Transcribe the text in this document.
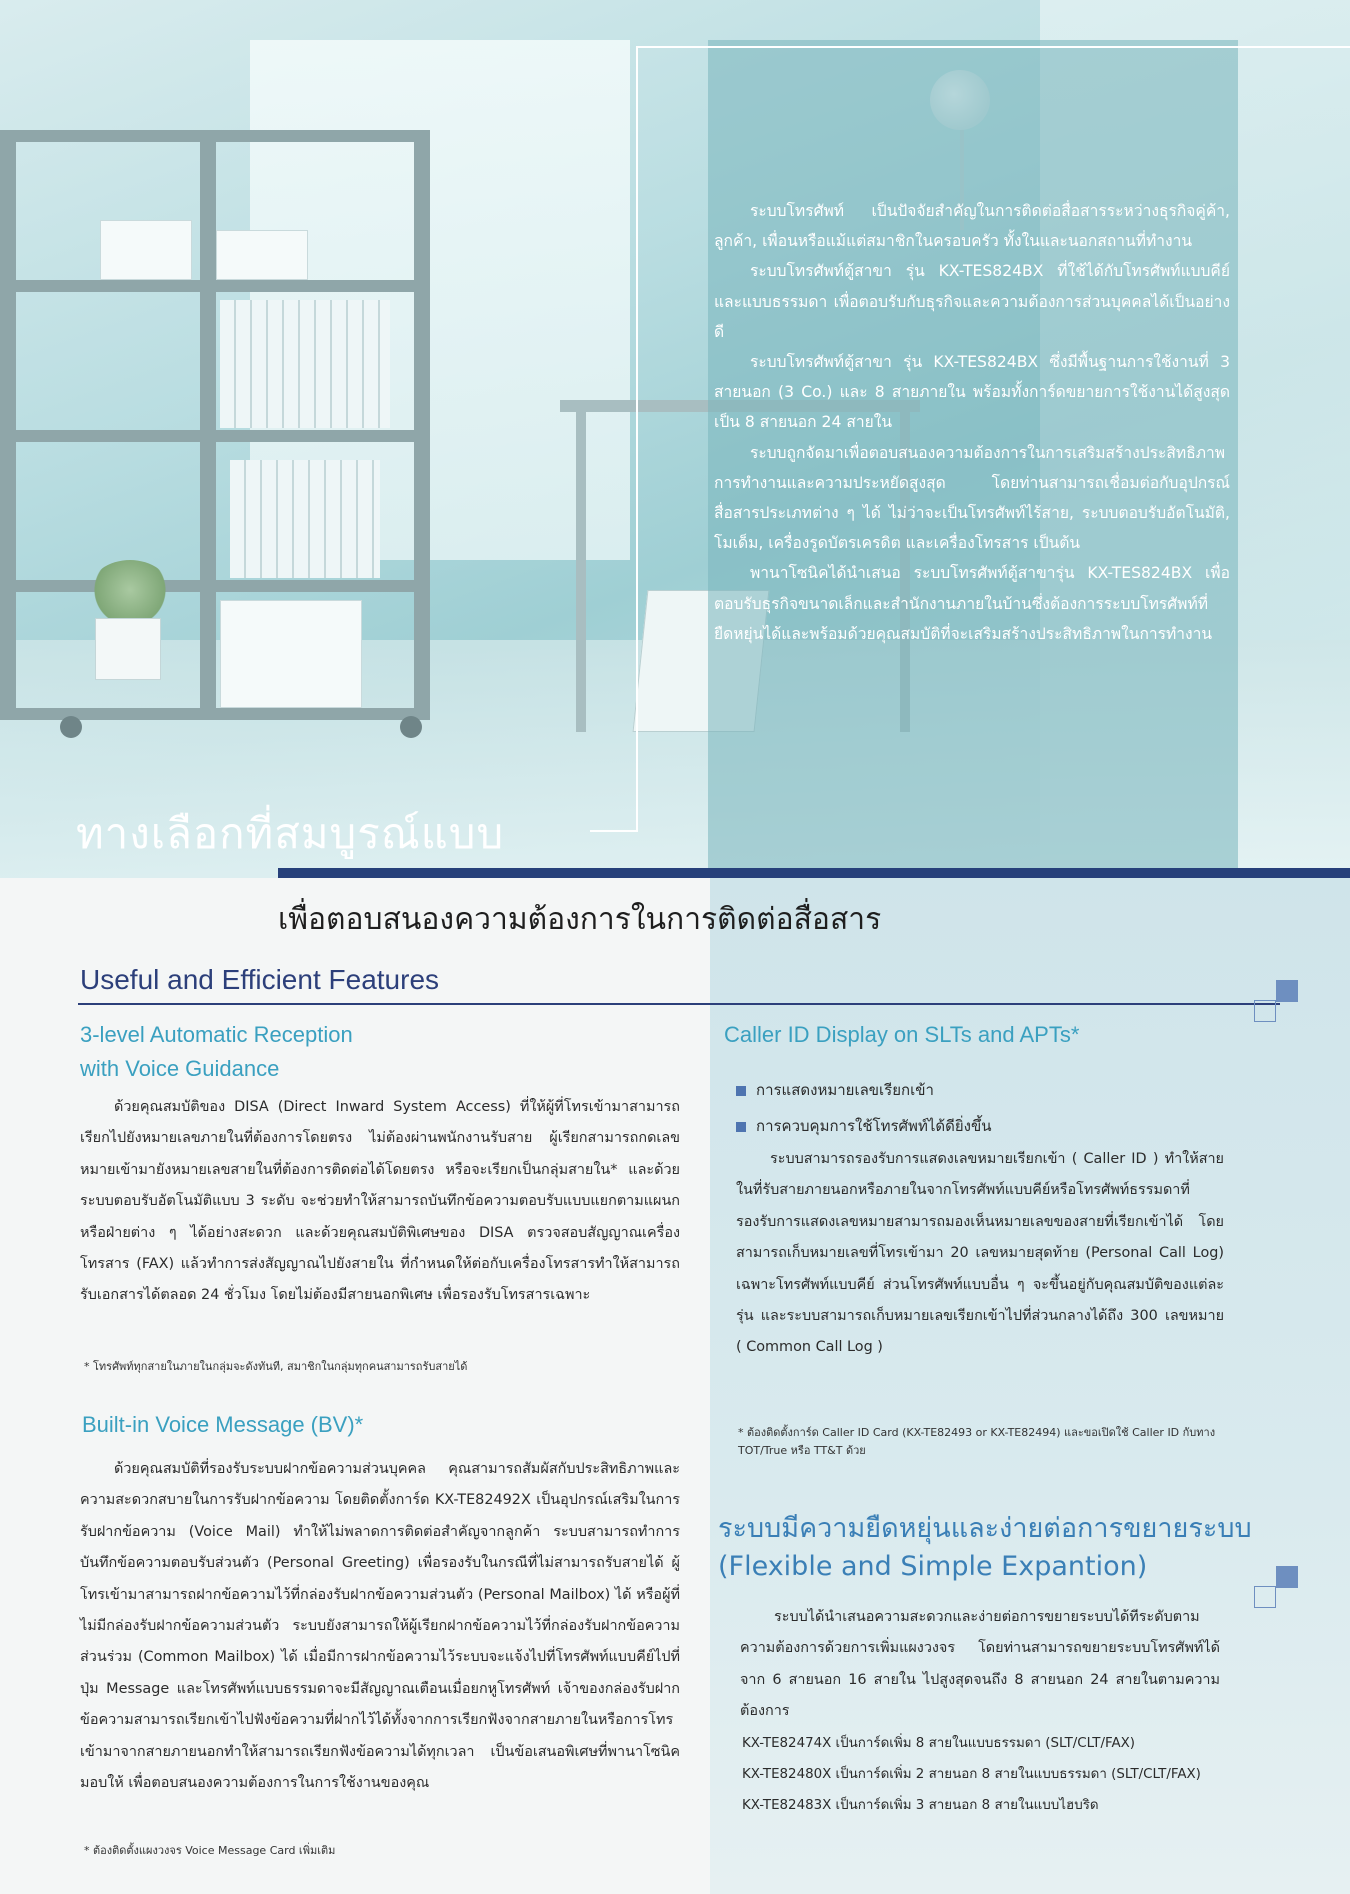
ระบบโทรศัพท์ เป็นปัจจัยสำคัญในการติดต่อสื่อสารระหว่างธุรกิจคู่ค้า, ลูกค้า, เพื่อนหรือแม้แต่สมาชิกในครอบครัว ทั้งในและนอกสถานที่ทำงาน

ระบบโทรศัพท์ตู้สาขา รุ่น KX-TES824BX ที่ใช้ได้กับโทรศัพท์แบบคีย์และแบบธรรมดา เพื่อตอบรับกับธุรกิจและความต้องการส่วนบุคคลได้เป็นอย่างดี

ระบบโทรศัพท์ตู้สาขา รุ่น KX-TES824BX ซึ่งมีพื้นฐานการใช้งานที่ 3 สายนอก (3 Co.) และ 8 สายภายใน พร้อมทั้งการ์ดขยายการใช้งานได้สูงสุดเป็น 8 สายนอก 24 สายใน

ระบบถูกจัดมาเพื่อตอบสนองความต้องการในการเสริมสร้างประสิทธิภาพการทำงานและความประหยัดสูงสุด โดยท่านสามารถเชื่อมต่อกับอุปกรณ์สื่อสารประเภทต่าง ๆ ได้ ไม่ว่าจะเป็นโทรศัพท์ไร้สาย, ระบบตอบรับอัตโนมัติ, โมเด็ม, เครื่องรูดบัตรเครดิต และเครื่องโทรสาร เป็นต้น

พานาโซนิคได้นำเสนอ ระบบโทรศัพท์ตู้สาขารุ่น KX-TES824BX เพื่อตอบรับธุรกิจขนาดเล็กและสำนักงานภายในบ้านซึ่งต้องการระบบโทรศัพท์ที่ยืดหยุ่นได้และพร้อมด้วยคุณสมบัติที่จะเสริมสร้างประสิทธิภาพในการทำงาน

ทางเลือกที่สมบูรณ์แบบ
เพื่อตอบสนองความต้องการในการติดต่อสื่อสาร
Useful and Efficient Features
3-level Automatic Reception
with Voice Guidance

ด้วยคุณสมบัติของ DISA (Direct Inward System Access) ที่ให้ผู้ที่โทรเข้ามาสามารถเรียกไปยังหมายเลขภายในที่ต้องการโดยตรง ไม่ต้องผ่านพนักงานรับสาย ผู้เรียกสามารถกดเลขหมายเข้ามายังหมายเลขสายในที่ต้องการติดต่อได้โดยตรง หรือจะเรียกเป็นกลุ่มสายใน* และด้วยระบบตอบรับอัตโนมัติแบบ 3 ระดับ จะช่วยทำให้สามารถบันทึกข้อความตอบรับแบบแยกตามแผนกหรือฝ่ายต่าง ๆ ได้อย่างสะดวก และด้วยคุณสมบัติพิเศษของ DISA ตรวจสอบสัญญาณเครื่องโทรสาร (FAX) แล้วทำการส่งสัญญาณไปยังสายใน ที่กำหนดให้ต่อกับเครื่องโทรสารทำให้สามารถรับเอกสารได้ตลอด 24 ชั่วโมง โดยไม่ต้องมีสายนอกพิเศษ เพื่อรองรับโทรสารเฉพาะ

* โทรศัพท์ทุกสายในภายในกลุ่มจะดังทันที, สมาชิกในกลุ่มทุกคนสามารถรับสายได้
Built-in Voice Message (BV)*

ด้วยคุณสมบัติที่รองรับระบบฝากข้อความส่วนบุคคล คุณสามารถสัมผัสกับประสิทธิภาพและความสะดวกสบายในการรับฝากข้อความ โดยติดตั้งการ์ด KX-TE82492X เป็นอุปกรณ์เสริมในการรับฝากข้อความ (Voice Mail) ทำให้ไม่พลาดการติดต่อสำคัญจากลูกค้า ระบบสามารถทำการบันทึกข้อความตอบรับส่วนตัว (Personal Greeting) เพื่อรองรับในกรณีที่ไม่สามารถรับสายได้ ผู้โทรเข้ามาสามารถฝากข้อความไว้ที่กล่องรับฝากข้อความส่วนตัว (Personal Mailbox) ได้ หรือผู้ที่ไม่มีกล่องรับฝากข้อความส่วนตัว ระบบยังสามารถให้ผู้เรียกฝากข้อความไว้ที่กล่องรับฝากข้อความส่วนร่วม (Common Mailbox) ได้ เมื่อมีการฝากข้อความไว้ระบบจะแจ้งไปที่โทรศัพท์แบบคีย์ไปที่ปุ่ม Message และโทรศัพท์แบบธรรมดาจะมีสัญญาณเตือนเมื่อยกหูโทรศัพท์ เจ้าของกล่องรับฝากข้อความสามารถเรียกเข้าไปฟังข้อความที่ฝากไว้ได้ทั้งจากการเรียกฟังจากสายภายในหรือการโทรเข้ามาจากสายภายนอกทำให้สามารถเรียกฟังข้อความได้ทุกเวลา เป็นข้อเสนอพิเศษที่พานาโซนิคมอบให้ เพื่อตอบสนองความต้องการในการใช้งานของคุณ

* ต้องติดตั้งแผงวงจร Voice Message Card เพิ่มเติม
Caller ID Display on SLTs and APTs*
การแสดงหมายเลขเรียกเข้า
การควบคุมการใช้โทรศัพท์ได้ดียิ่งขึ้น

ระบบสามารถรองรับการแสดงเลขหมายเรียกเข้า ( Caller ID ) ทำให้สายในที่รับสายภายนอกหรือภายในจากโทรศัพท์แบบคีย์หรือโทรศัพท์ธรรมดาที่รองรับการแสดงเลขหมายสามารถมองเห็นหมายเลขของสายที่เรียกเข้าได้ โดยสามารถเก็บหมายเลขที่โทรเข้ามา 20 เลขหมายสุดท้าย (Personal Call Log) เฉพาะโทรศัพท์แบบคีย์ ส่วนโทรศัพท์แบบอื่น ๆ จะขึ้นอยู่กับคุณสมบัติของแต่ละรุ่น และระบบสามารถเก็บหมายเลขเรียกเข้าไปที่ส่วนกลางได้ถึง 300 เลขหมาย ( Common Call Log )

* ต้องติดตั้งการ์ด Caller ID Card (KX-TE82493 or KX-TE82494) และขอเปิดใช้ Caller ID กับทาง TOT/True หรือ TT&T ด้วย
ระบบมีความยืดหยุ่นและง่ายต่อการขยายระบบ
(Flexible and Simple Expantion)

ระบบได้นำเสนอความสะดวกและง่ายต่อการขยายระบบได้ทีระดับตามความต้องการด้วยการเพิ่มแผงวงจร โดยท่านสามารถขยายระบบโทรศัพท์ได้จาก 6 สายนอก 16 สายใน ไปสูงสุดจนถึง 8 สายนอก 24 สายในตามความต้องการ

KX-TE82474X เป็นการ์ดเพิ่ม 8 สายในแบบธรรมดา (SLT/CLT/FAX)
KX-TE82480X เป็นการ์ดเพิ่ม 2 สายนอก 8 สายในแบบธรรมดา (SLT/CLT/FAX)
KX-TE82483X เป็นการ์ดเพิ่ม 3 สายนอก 8 สายในแบบไฮบริด
